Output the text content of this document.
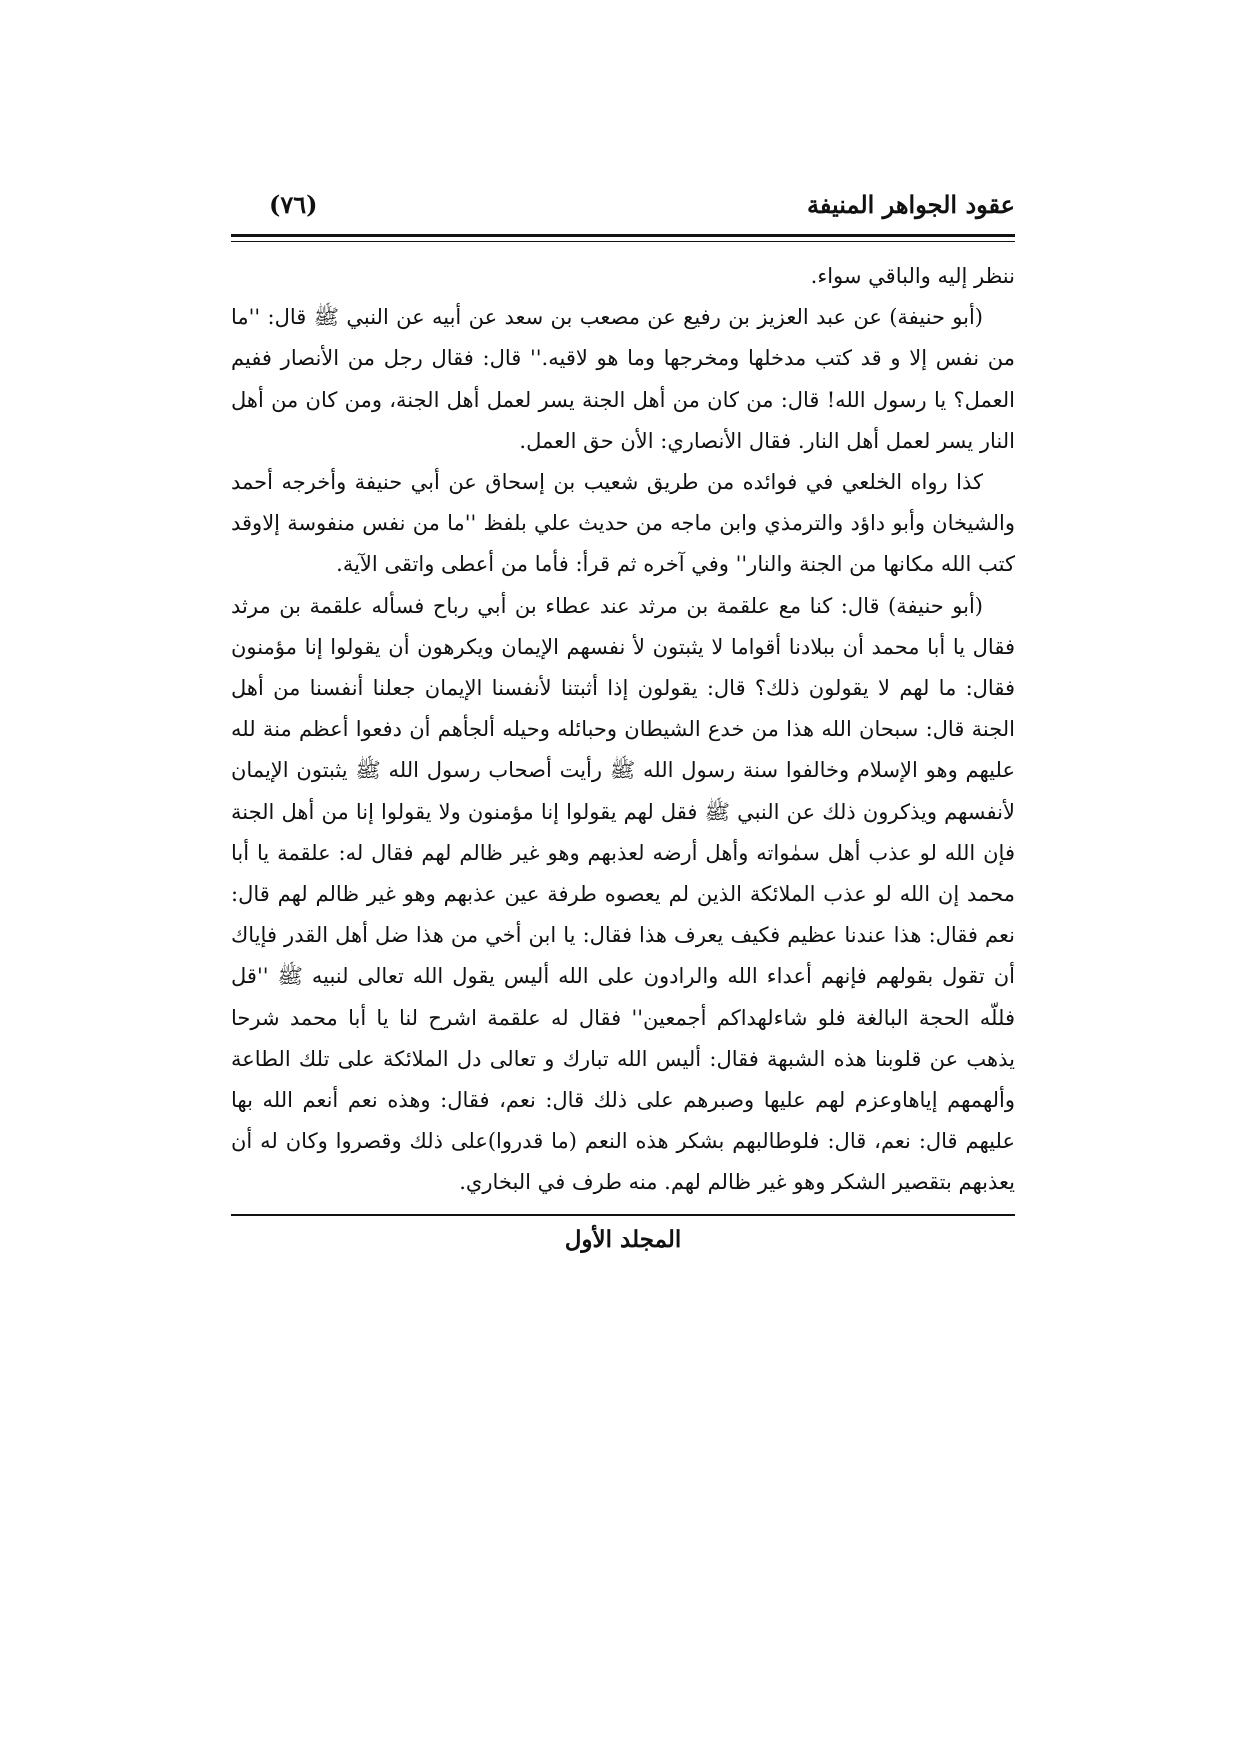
عقود الجواهر المنيفة
(٧٦)

ننظر إليه والباقي سواء.

(أبو حنيفة) عن عبد العزيز بن رفيع عن مصعب بن سعد عن أبيه عن النبي ﷺ قال: ''ما من نفس إلا و قد كتب مدخلها ومخرجها وما هو لاقيه.'' قال: فقال رجل من الأنصار ففيم العمل؟ يا رسول الله! قال: من كان من أهل الجنة يسر لعمل أهل الجنة، ومن كان من أهل النار يسر لعمل أهل النار. فقال الأنصاري: الأن حق العمل.

كذا رواه الخلعي في فوائده من طريق شعيب بن إسحاق عن أبي حنيفة وأخرجه أحمد والشيخان وأبو داؤد والترمذي وابن ماجه من حديث علي بلفظ ''ما من نفس منفوسة إلاوقد كتب الله مكانها من الجنة والنار'' وفي آخره ثم قرأ: فأما من أعطى واتقى الآية.

(أبو حنيفة) قال: كنا مع علقمة بن مرثد عند عطاء بن أبي رباح فسأله علقمة بن مرثد فقال يا أبا محمد أن ببلادنا أقواما لا يثبتون لأ نفسهم الإيمان ويكرهون أن يقولوا إنا مؤمنون فقال: ما لهم لا يقولون ذلك؟ قال: يقولون إذا أثبتنا لأنفسنا الإيمان جعلنا أنفسنا من أهل الجنة قال: سبحان الله هذا من خدع الشيطان وحبائله وحيله ألجأهم أن دفعوا أعظم منة لله عليهم وهو الإسلام وخالفوا سنة رسول الله ﷺ رأيت أصحاب رسول الله ﷺ يثبتون الإيمان لأنفسهم ويذكرون ذلك عن النبي ﷺ فقل لهم يقولوا إنا مؤمنون ولا يقولوا إنا من أهل الجنة فإن الله لو عذب أهل سمٰواته وأهل أرضه لعذبهم وهو غير ظالم لهم فقال له: علقمة يا أبا محمد إن الله لو عذب الملائكة الذين لم يعصوه طرفة عين عذبهم وهو غير ظالم لهم قال: نعم فقال: هذا عندنا عظيم فكيف يعرف هذا فقال: يا ابن أخي من هذا ضل أهل القدر فإياك أن تقول بقولهم فإنهم أعداء الله والرادون على الله أليس يقول الله تعالى لنبيه ﷺ ''قل فللّه الحجة البالغة فلو شاءلهداكم أجمعين'' فقال له علقمة اشرح لنا يا أبا محمد شرحا يذهب عن قلوبنا هذه الشبهة فقال: أليس الله تبارك و تعالى دل الملائكة على تلك الطاعة وألهمهم إياهاوعزم لهم عليها وصبرهم على ذلك قال: نعم، فقال: وهذه نعم أنعم الله بها عليهم قال: نعم، قال: فلوطالبهم بشكر هذه النعم (ما قدروا)على ذلك وقصروا وكان له أن يعذبهم بتقصير الشكر وهو غير ظالم لهم. منه طرف في البخاري.

المجلد الأول
